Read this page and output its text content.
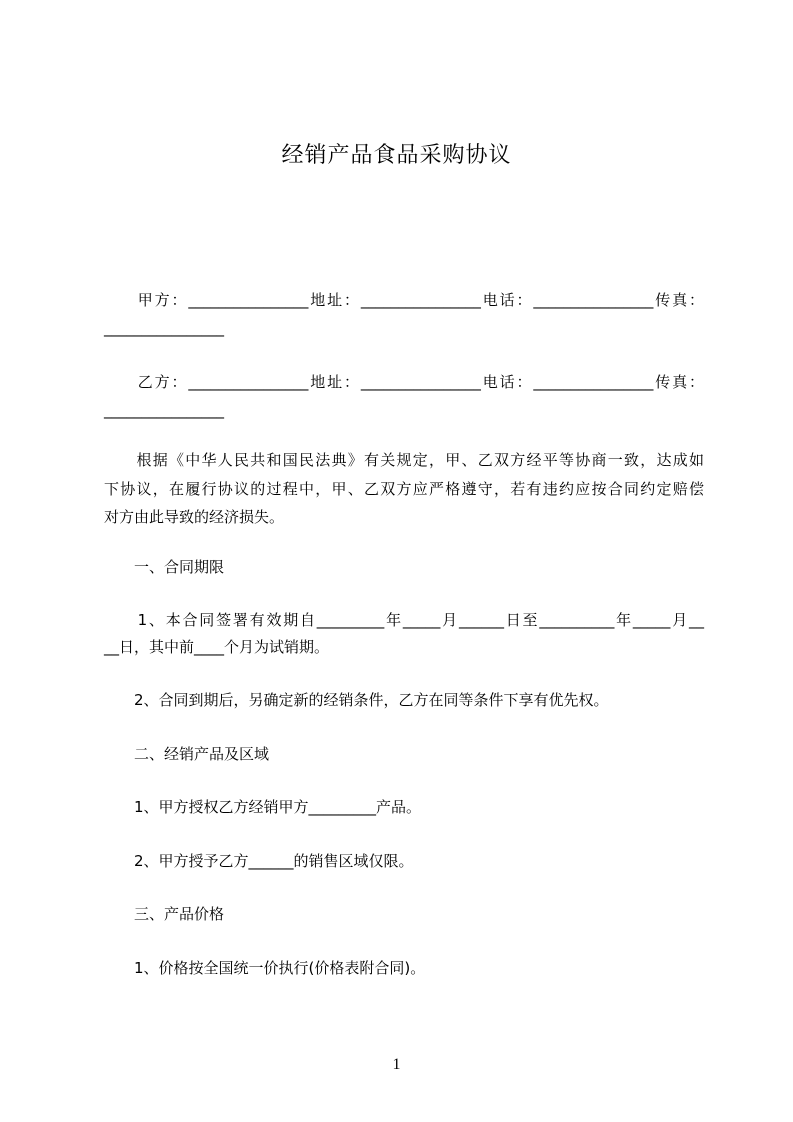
经销产品食品采购协议
　　甲方：________________地址：________________电话：________________传真：
________________
　　乙方：________________地址：________________电话：________________传真：
________________
　　根据《中华人民共和国民法典》有关规定，甲、乙双方经平等协商一致，达成如
下协议，在履行协议的过程中，甲、乙双方应严格遵守，若有违约应按合同约定赔偿
对方由此导致的经济损失。
　　一、合同期限
　　1、本合同签署有效期自_________年_____月______日至__________年_____月__
__日，其中前____个月为试销期。
　　2、合同到期后，另确定新的经销条件，乙方在同等条件下享有优先权。
　　二、经销产品及区域
　　1、甲方授权乙方经销甲方_________产品。
　　2、甲方授予乙方______的销售区域仅限。
　　三、产品价格
　　1、价格按全国统一价执行(价格表附合同)。
1
